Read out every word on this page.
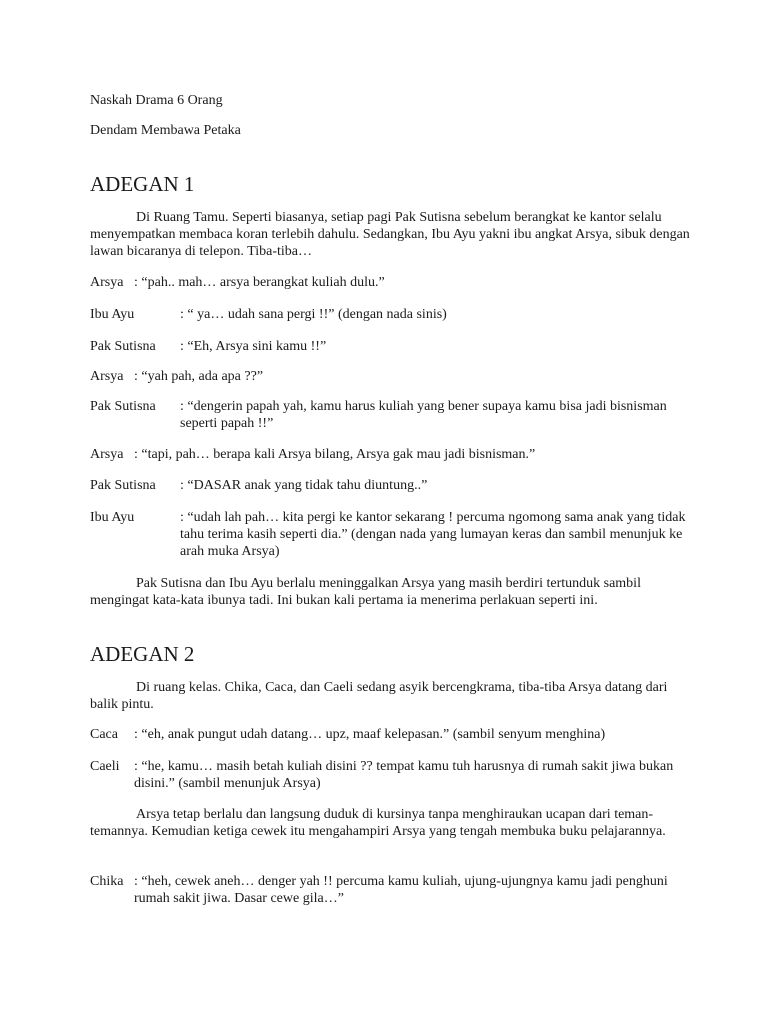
Naskah Drama 6 Orang

Dendam Membawa Petaka

ADEGAN 1

Di Ruang Tamu. Seperti biasanya, setiap pagi Pak Sutisna sebelum berangkat ke kantor selalu menyempatkan membaca koran terlebih dahulu. Sedangkan, Ibu Ayu yakni ibu angkat Arsya, sibuk dengan lawan bicaranya di telepon. Tiba-tiba…

Arsya : “pah.. mah… arsya berangkat kuliah dulu.”
Ibu Ayu	: “ ya… udah sana pergi !!” (dengan nada sinis)
Pak Sutisna	: “Eh, Arsya sini kamu !!”
Arsya : “yah pah, ada apa ??”
Pak Sutisna	: “dengerin papah yah, kamu harus kuliah yang bener supaya kamu bisa jadi bisnisman seperti papah !!”
Arsya : “tapi, pah… berapa kali Arsya bilang, Arsya gak mau jadi bisnisman.”
Pak Sutisna	: “DASAR anak yang tidak tahu diuntung..”
Ibu Ayu	: “udah lah pah… kita pergi ke kantor sekarang ! percuma ngomong sama anak yang tidak tahu terima kasih seperti dia.” (dengan nada yang lumayan keras dan sambil menunjuk ke arah muka Arsya)

Pak Sutisna dan Ibu Ayu berlalu meninggalkan Arsya yang masih berdiri tertunduk sambil mengingat kata-kata ibunya tadi. Ini bukan kali pertama ia menerima perlakuan seperti ini.

ADEGAN 2

Di ruang kelas. Chika, Caca, dan Caeli sedang asyik bercengkrama, tiba-tiba Arsya datang dari balik pintu.

Caca	: “eh, anak pungut udah datang… upz, maaf kelepasan.” (sambil senyum menghina)
Caeli	: “he, kamu… masih betah kuliah disini ?? tempat kamu tuh harusnya di rumah sakit jiwa bukan disini.” (sambil menunjuk Arsya)

Arsya tetap berlalu dan langsung duduk di kursinya tanpa menghiraukan ucapan dari teman-temannya. Kemudian ketiga cewek itu mengahampiri Arsya yang tengah membuka buku pelajarannya.

Chika : “heh, cewek aneh… denger yah !! percuma kamu kuliah, ujung-ujungnya kamu jadi penghuni rumah sakit jiwa. Dasar cewe gila…”
